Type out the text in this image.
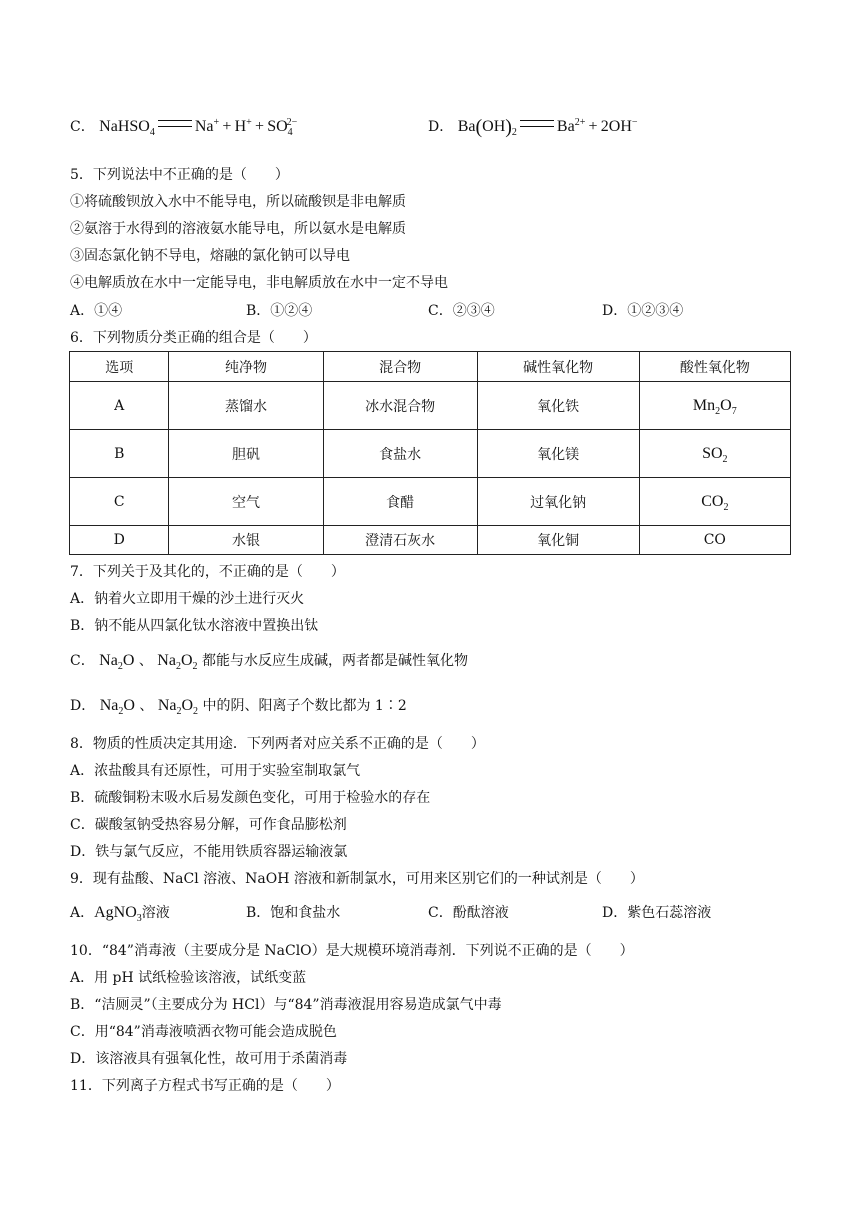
C． NaHSO$_4$	$Na^+ + H^+ + SO_4^{2-}$	D． $Ba(OH)_2$	$Ba^{2+} + 2OH^-$
5．下列说法中不正确的是（　　）
①将硫酸钡放入水中不能导电，所以硫酸钡是非电解质
②氨溶于水得到的溶液氨水能导电，所以氨水是电解质
③固态氯化钠不导电，熔融的氯化钠可以导电
④电解质放在水中一定能导电，非电解质放在水中一定不导电
A．①④	B．①②④	C．②③④	D．①②③④
6．下列物质分类正确的组合是（　　）
选项	纯净物	混合物	碱性氧化物	酸性氧化物
A	蒸馏水	冰水混合物	氧化铁	$Mn_2O_7$
B	胆矾	食盐水	氧化镁	$SO_2$
C	空气	食醋	过氧化钠	$CO_2$
D	水银	澄清石灰水	氧化铜	CO
7．下列关于及其化的，不正确的是（　　）
A．钠着火立即用干燥的沙土进行灭火
B．钠不能从四氯化钛水溶液中置换出钛
C． $Na_2O$ 、 $Na_2O_2$ 都能与水反应生成碱，两者都是碱性氧化物
D． $Na_2O$ 、 $Na_2O_2$ 中的阴、阳离子个数比都为 1∶2
8．物质的性质决定其用途．下列两者对应关系不正确的是（　　）
A．浓盐酸具有还原性，可用于实验室制取氯气
B．硫酸铜粉末吸水后易发颜色变化，可用于检验水的存在
C．碳酸氢钠受热容易分解，可作食品膨松剂
D．铁与氯气反应，不能用铁质容器运输液氯
9．现有盐酸、NaCl 溶液、NaOH 溶液和新制氯水，可用来区别它们的一种试剂是（　　）
A．AgNO$_3$溶液	B．饱和食盐水	C．酚酞溶液	D．紫色石蕊溶液
10．“84”消毒液（主要成分是 NaClO）是大规模环境消毒剂．下列说不正确的是（　　）
A．用 pH 试纸检验该溶液，试纸变蓝
B．“洁厕灵”（主要成分为 HCl）与“84”消毒液混用容易造成氯气中毒
C．用“84”消毒液喷洒衣物可能会造成脱色
D．该溶液具有强氧化性，故可用于杀菌消毒
11．下列离子方程式书写正确的是（　　）
